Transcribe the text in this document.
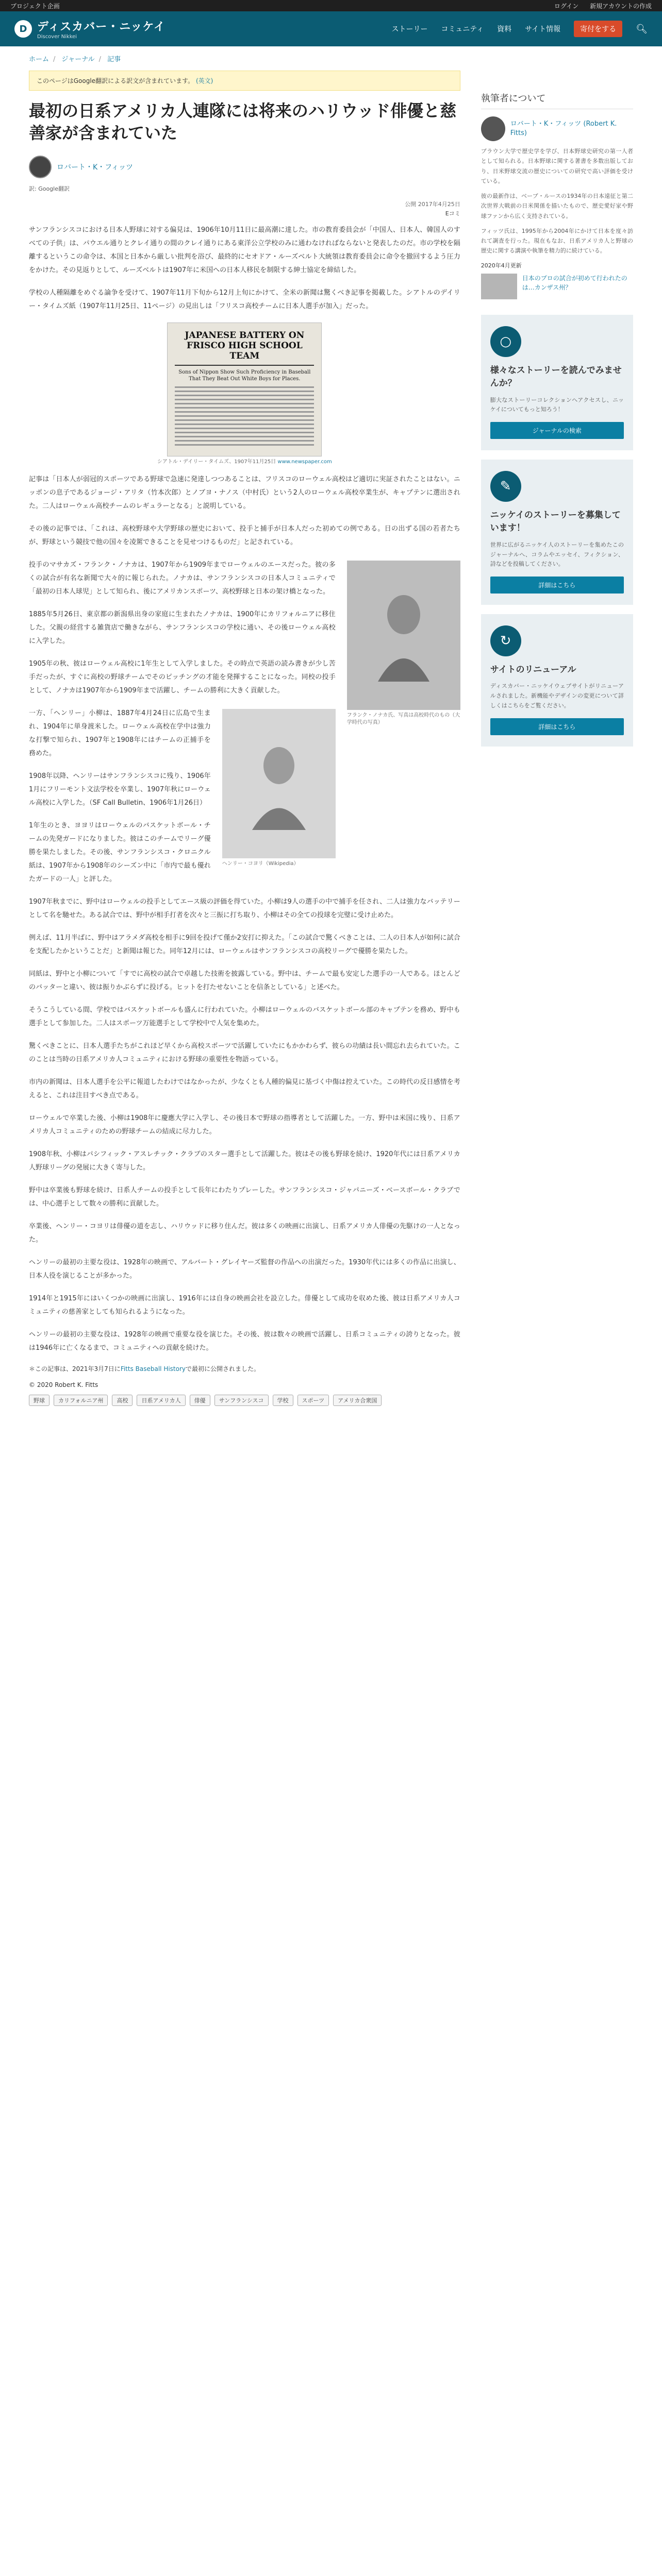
プロジェクト企画	ログイン 新規アカウントの作成
D ディスカバー・ニッケイ
Discover Nikkei
ストーリー コミュニティ 資料 サイト情報	寄付をする	🔍︎
ホーム / ジャーナル / 記事
このページはGoogle翻訳による訳文が含まれています。 (英文)
最初の日系アメリカ人連隊には将来のハリウッド俳優と慈善家が含まれていた
ロバート・K・フィッツ
訳: Google翻訳
公開 2017年4月25日
Eコミ

サンフランシスコにおける日本人野球に対する偏見は、1906年10月11日に最高潮に達した。市の教育委員会が「中国人、日本人、韓国人のすべての子供」は、パウエル通りとクレイ通りの間のクレイ通りにある東洋公立学校のみに通わなければならないと発表したのだ。市の学校を隔離するというこの命令は、本国と日本から厳しい批判を浴び、最終的にセオドア・ルーズベルト大統領は教育委員会に命令を撤回するよう圧力をかけた。その見返りとして、ルーズベルトは1907年に米国への日本人移民を制限する紳士協定を締結した。

学校の人種隔離をめぐる論争を受けて、1907年11月下旬から12月上旬にかけて、全米の新聞は驚くべき記事を掲載した。シアトルのデイリー・タイムズ紙（1907年11月25日、11ページ）の見出しは「フリスコ高校チームに日本人選手が加入」だった。

JAPANESE BATTERY ON FRISCO HIGH SCHOOL TEAM
Sons of Nippon Show Such Proficiency in Baseball That They Beat Out White Boys for Places.
シアトル・デイリー・タイムズ、1907年11月25日 www.newspaper.com

記事は「日本人が弱冠的スポーツである野球で急速に発達しつつあることは、フリスコのローウェル高校はど適切に実証されたことはない。ニッポンの息子であるジョージ・アリタ（竹本次郎）とノブヨ・ナノス（中村氏）という2人のローウェル高校卒業生が、キャプテンに選出された。二人はローウェル高校チームのレギュラーとなる」と説明している。

その後の記事では、「これは、高校野球や大学野球の歴史において、投手と捕手が日本人だった初めての例である。日の出ずる国の若者たちが、野球という競技で他の国々を凌駕できることを見せつけるものだ」と記されている。

フランク・ノナカ氏、写真は高校時代のもの（大学時代の写真）

投手のマサカズ・フランク・ノナカは、1907年から1909年までローウェルのエースだった。彼の多くの試合が有名な新聞で大々的に報じられた。ノナカは、サンフランシスコの日本人コミュニティで「最初の日本人球児」として知られ、後にアメリカンスポーツ、高校野球と日本の架け橋となった。

1885年5月26日、東京都の新潟県出身の家庭に生まれたノナカは、1900年にカリフォルニアに移住した。父親の経営する雑貨店で働きながら、サンフランシスコの学校に通い、その後ローウェル高校に入学した。

1905年の秋、彼はローウェル高校に1年生として入学しました。その時点で英語の読み書きが少し苦手だったが、すぐに高校の野球チームでそのピッチングの才能を発揮することになった。同校の投手として、ノナカは1907年から1909年まで活躍し、チームの勝利に大きく貢献した。

ヘンリー・コヨリ（Wikipedia）

一方、「ヘンリー」小柳は、1887年4月24日に広島で生まれ、1904年に単身渡米した。ローウェル高校在学中は強力な打撃で知られ、1907年と1908年にはチームの正捕手を務めた。

1908年以降、ヘンリーはサンフランシスコに残り、1906年1月にフリーモント文法学校を卒業し、1907年秋にローウェル高校に入学した。（SF Call Bulletin、1906年1月26日）

1年生のとき、ヨヨリはローウェルのバスケットボール・チームの先発ガードになりました。彼はこのチームでリーグ優勝を果たしました。その後、サンフランシスコ・クロニクル紙は、1907年から1908年のシーズン中に「市内で最も優れたガードの一人」と評した。

1907年秋までに、野中はローウェルの投手としてエース級の評価を得ていた。小柳は9人の選手の中で捕手を任され、二人は強力なバッテリーとして名を馳せた。ある試合では、野中が相手打者を次々と三振に打ち取り、小柳はその全ての投球を完璧に受け止めた。

例えば、11月半ばに、野中はアラメダ高校を相手に9回を投げて僅か2安打に抑えた。「この試合で驚くべきことは、二人の日本人が如何に試合を支配したかということだ」と新聞は報じた。同年12月には、ローウェルはサンフランシスコの高校リーグで優勝を果たした。

同紙は、野中と小柳について「すでに高校の試合で卓越した技術を披露している。野中は、チームで最も安定した選手の一人である。ほとんどのバッターと違い、彼は振りかぶらずに投げる。ヒットを打たせないことを信条としている」と述べた。

そうこうしている間、学校ではバスケットボールも盛んに行われていた。小柳はローウェルのバスケットボール部のキャプテンを務め、野中も選手として参加した。二人はスポーツ万能選手として学校中で人気を集めた。

驚くべきことに、日本人選手たちがこれほど早くから高校スポーツで活躍していたにもかかわらず、彼らの功績は長い間忘れ去られていた。このことは当時の日系アメリカ人コミュニティにおける野球の重要性を物語っている。

市内の新聞は、日本人選手を公平に報道したわけではなかったが、少なくとも人種的偏見に基づく中傷は控えていた。この時代の反日感情を考えると、これは注目すべき点である。

ローウェルで卒業した後、小柳は1908年に慶應大学に入学し、その後日本で野球の指導者として活躍した。一方、野中は米国に残り、日系アメリカ人コミュニティのための野球チームの結成に尽力した。

1908年秋、小柳はパシフィック・アスレチック・クラブのスター選手として活躍した。彼はその後も野球を続け、1920年代には日系アメリカ人野球リーグの発展に大きく寄与した。

野中は卒業後も野球を続け、日系人チームの投手として長年にわたりプレーした。サンフランシスコ・ジャパニーズ・ベースボール・クラブでは、中心選手として数々の勝利に貢献した。

卒業後、ヘンリー・コヨリは俳優の道を志し、ハリウッドに移り住んだ。彼は多くの映画に出演し、日系アメリカ人俳優の先駆けの一人となった。

ヘンリーの最初の主要な役は、1928年の映画で、アルバート・グレイヤーズ監督の作品への出演だった。1930年代には多くの作品に出演し、日本人役を演じることが多かった。

1914年と1915年にはいくつかの映画に出演し、1916年には自身の映画会社を設立した。俳優として成功を収めた後、彼は日系アメリカ人コミュニティの慈善家としても知られるようになった。

ヘンリーの最初の主要な役は、1928年の映画で重要な役を演じた。その後、彼は数々の映画で活躍し、日系コミュニティの誇りとなった。彼は1946年に亡くなるまで、コミュニティへの貢献を続けた。

＊この記事は、2021年3月7日にFitts Baseball Historyで最初に公開されました。
© 2020 Robert K. Fitts
野球	カリフォルニア州	高校	日系アメリカ人	俳優	サンフランシスコ	学校	スポーツ	アメリカ合衆国
執筆者について
ロバート・K・フィッツ (Robert K. Fitts)

ブラウン大学で歴史学を学び、日本野球史研究の第一人者として知られる。日本野球に関する著書を多数出版しており、日米野球交流の歴史についての研究で高い評価を受けている。

彼の最新作は、ベーブ・ルースの1934年の日本遠征と第二次世界大戦前の日米関係を描いたもので、歴史愛好家や野球ファンから広く支持されている。

フィッツ氏は、1995年から2004年にかけて日本を度々訪れて調査を行った。現在もなお、日系アメリカ人と野球の歴史に関する講演や執筆を精力的に続けている。

2020年4月更新
日本のプロの試合が初めて行われたのは…カンザス州？
○
様々なストーリーを読んでみませんか？

膨大なストーリーコレクションへアクセスし、ニッケイについてもっと知ろう！

ジャーナルの検索
✎
ニッケイのストーリーを募集しています！

世界に広がるニッケイ人のストーリーを集めたこのジャーナルへ、コラムやエッセイ、フィクション、詩などを投稿してください。

詳細はこちら
↻
サイトのリニューアル

ディスカバー・ニッケイウェブサイトがリニューアルされました。新機能やデザインの変更について詳しくはこちらをご覧ください。

詳細はこちら
